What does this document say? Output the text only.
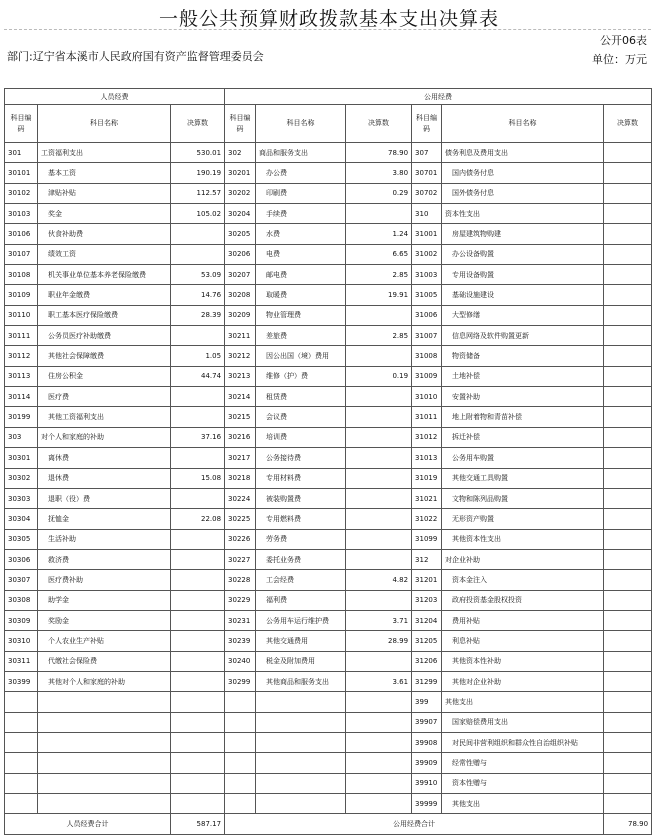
一般公共预算财政拨款基本支出决算表
公开06表
部门:辽宁省本溪市人民政府国有资产监督管理委员会	单位：万元
人员经费			公用经费					
科目编码	科目名称	决算数	科目编码	科目名称	决算数	科目编码	科目名称	决算数
301	工资福利支出	530.01	302	商品和服务支出	78.90	307	债务利息及费用支出	
30101	基本工资	190.19	30201	办公费	3.80	30701	国内债务付息	
30102	津贴补贴	112.57	30202	印刷费	0.29	30702	国外债务付息	
30103	奖金	105.02	30204	手续费		310	资本性支出	
30106	伙食补助费		30205	水费	1.24	31001	房屋建筑物购建	
30107	绩效工资		30206	电费	6.65	31002	办公设备购置	
30108	机关事业单位基本养老保险缴费	53.09	30207	邮电费	2.85	31003	专用设备购置	
30109	职业年金缴费	14.76	30208	取暖费	19.91	31005	基础设施建设	
30110	职工基本医疗保险缴费	28.39	30209	物业管理费		31006	大型修缮	
30111	公务员医疗补助缴费		30211	差旅费	2.85	31007	信息网络及软件购置更新	
30112	其他社会保障缴费	1.05	30212	因公出国（境）费用		31008	物资储备	
30113	住房公积金	44.74	30213	维修（护）费	0.19	31009	土地补偿	
30114	医疗费		30214	租赁费		31010	安置补助	
30199	其他工资福利支出		30215	会议费		31011	地上附着物和青苗补偿	
303	对个人和家庭的补助	37.16	30216	培训费		31012	拆迁补偿	
30301	离休费		30217	公务接待费		31013	公务用车购置	
30302	退休费	15.08	30218	专用材料费		31019	其他交通工具购置	
30303	退职（役）费		30224	被装购置费		31021	文物和陈列品购置	
30304	抚恤金	22.08	30225	专用燃料费		31022	无形资产购置	
30305	生活补助		30226	劳务费		31099	其他资本性支出	
30306	救济费		30227	委托业务费		312	对企业补助	
30307	医疗费补助		30228	工会经费	4.82	31201	资本金注入	
30308	助学金		30229	福利费		31203	政府投资基金股权投资	
30309	奖励金		30231	公务用车运行维护费	3.71	31204	费用补贴	
30310	个人农业生产补贴		30239	其他交通费用	28.99	31205	利息补贴	
30311	代缴社会保险费		30240	税金及附加费用		31206	其他资本性补助	
30399	其他对个人和家庭的补助		30299	其他商品和服务支出	3.61	31299	其他对企业补助	
						399	其他支出	
						39907	国家赔偿费用支出	
						39908	对民间非营利组织和群众性自治组织补贴	
						39909	经常性赠与	
						39910	资本性赠与	
						39999	其他支出	
人员经费合计		587.17	公用经费合计					78.90
